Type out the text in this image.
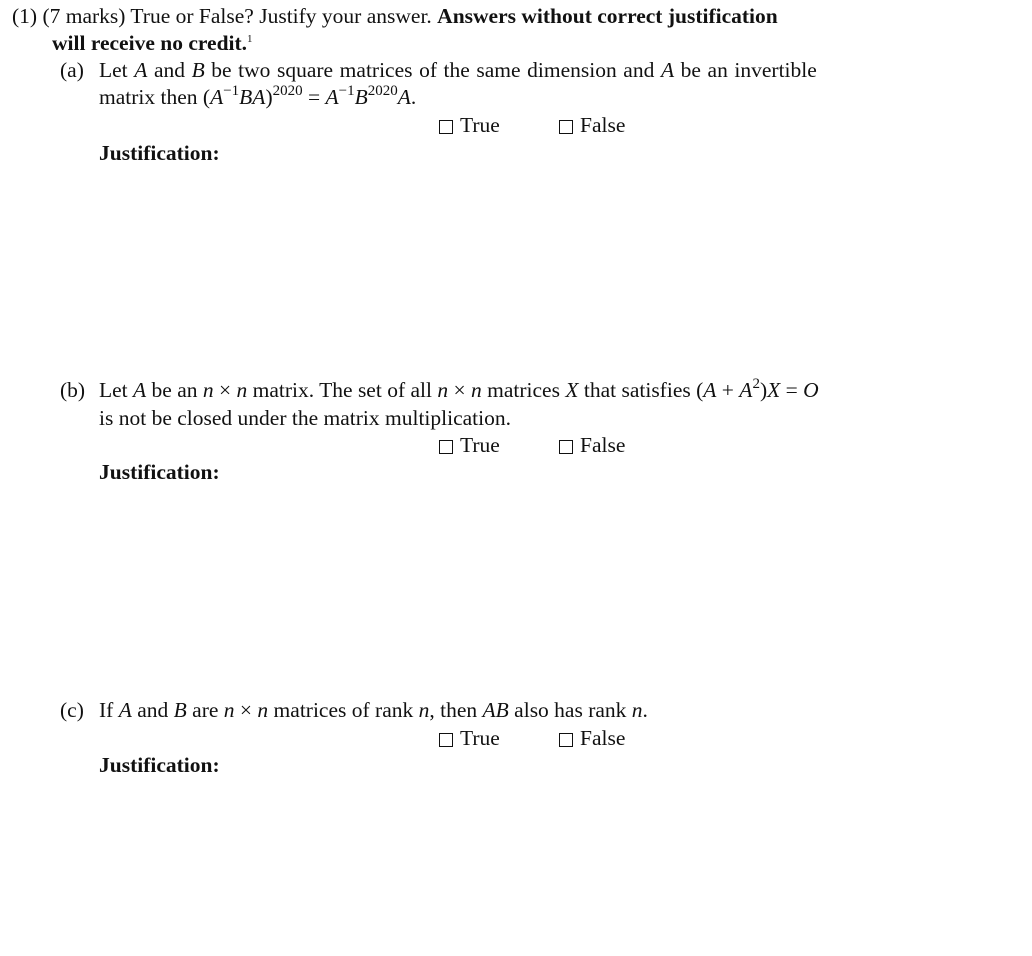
(1) (7 marks) True or False? Justify your answer. Answers without correct justification
will receive no credit.$^1$
(a) Let A and B be two square matrices of the same dimension and A be an invertible
matrix then $(A^{-1}BA)^{2020} = A^{-1}B^{2020}A$.
True	False
Justification:
(b) Let A be an n × n matrix. The set of all n × n matrices X that satisfies $(A + A^2)X = O$
is not be closed under the matrix multiplication.
True	False
Justification:
(c) If A and B are n × n matrices of rank n, then AB also has rank n.
True	False
Justification:
